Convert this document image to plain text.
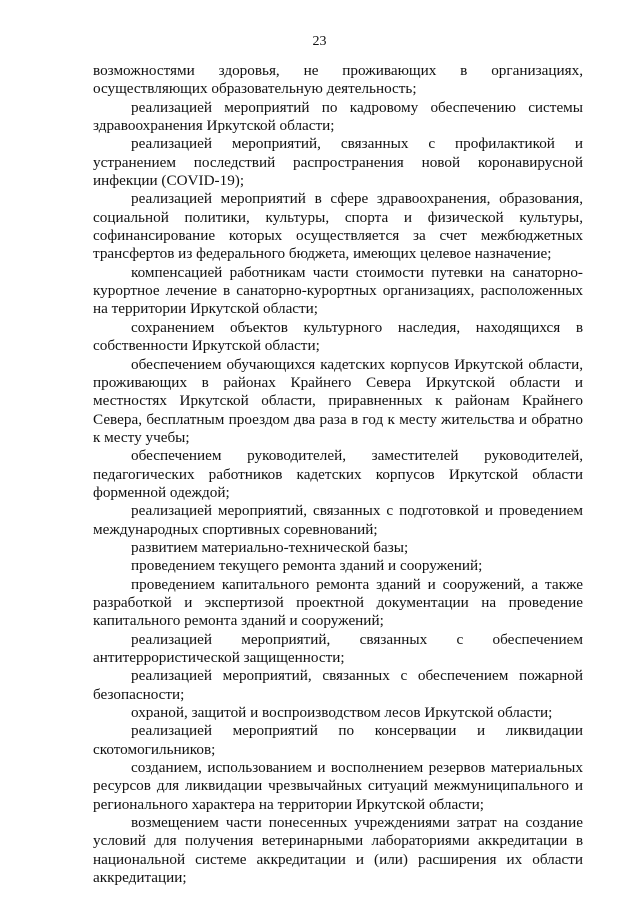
23

возможностями здоровья, не проживающих в организациях, осуществляющих образовательную деятельность;

реализацией мероприятий по кадровому обеспечению системы здравоохранения Иркутской области;

реализацией мероприятий, связанных с профилактикой и устранением последствий распространения новой коронавирусной инфекции (COVID-19);

реализацией мероприятий в сфере здравоохранения, образования, социальной политики, культуры, спорта и физической культуры, софинансирование которых осуществляется за счет межбюджетных трансфертов из федерального бюджета, имеющих целевое назначение;

компенсацией работникам части стоимости путевки на санаторно-курортное лечение в санаторно-курортных организациях, расположенных на территории Иркутской области;

сохранением объектов культурного наследия, находящихся в собственности Иркутской области;

обеспечением обучающихся кадетских корпусов Иркутской области, проживающих в районах Крайнего Севера Иркутской области и местностях Иркутской области, приравненных к районам Крайнего Севера, бесплатным проездом два раза в год к месту жительства и обратно к месту учебы;

обеспечением руководителей, заместителей руководителей, педагогических работников кадетских корпусов Иркутской области форменной одеждой;

реализацией мероприятий, связанных с подготовкой и проведением международных спортивных соревнований;

развитием материально-технической базы;

проведением текущего ремонта зданий и сооружений;

проведением капитального ремонта зданий и сооружений, а также разработкой и экспертизой проектной документации на проведение капитального ремонта зданий и сооружений;

реализацией мероприятий, связанных с обеспечением антитеррористической защищенности;

реализацией мероприятий, связанных с обеспечением пожарной безопасности;

охраной, защитой и воспроизводством лесов Иркутской области;

реализацией мероприятий по консервации и ликвидации скотомогильников;

созданием, использованием и восполнением резервов материальных ресурсов для ликвидации чрезвычайных ситуаций межмуниципального и регионального характера на территории Иркутской области;

возмещением части понесенных учреждениями затрат на создание условий для получения ветеринарными лабораториями аккредитации в национальной системе аккредитации и (или) расширения их области аккредитации;
